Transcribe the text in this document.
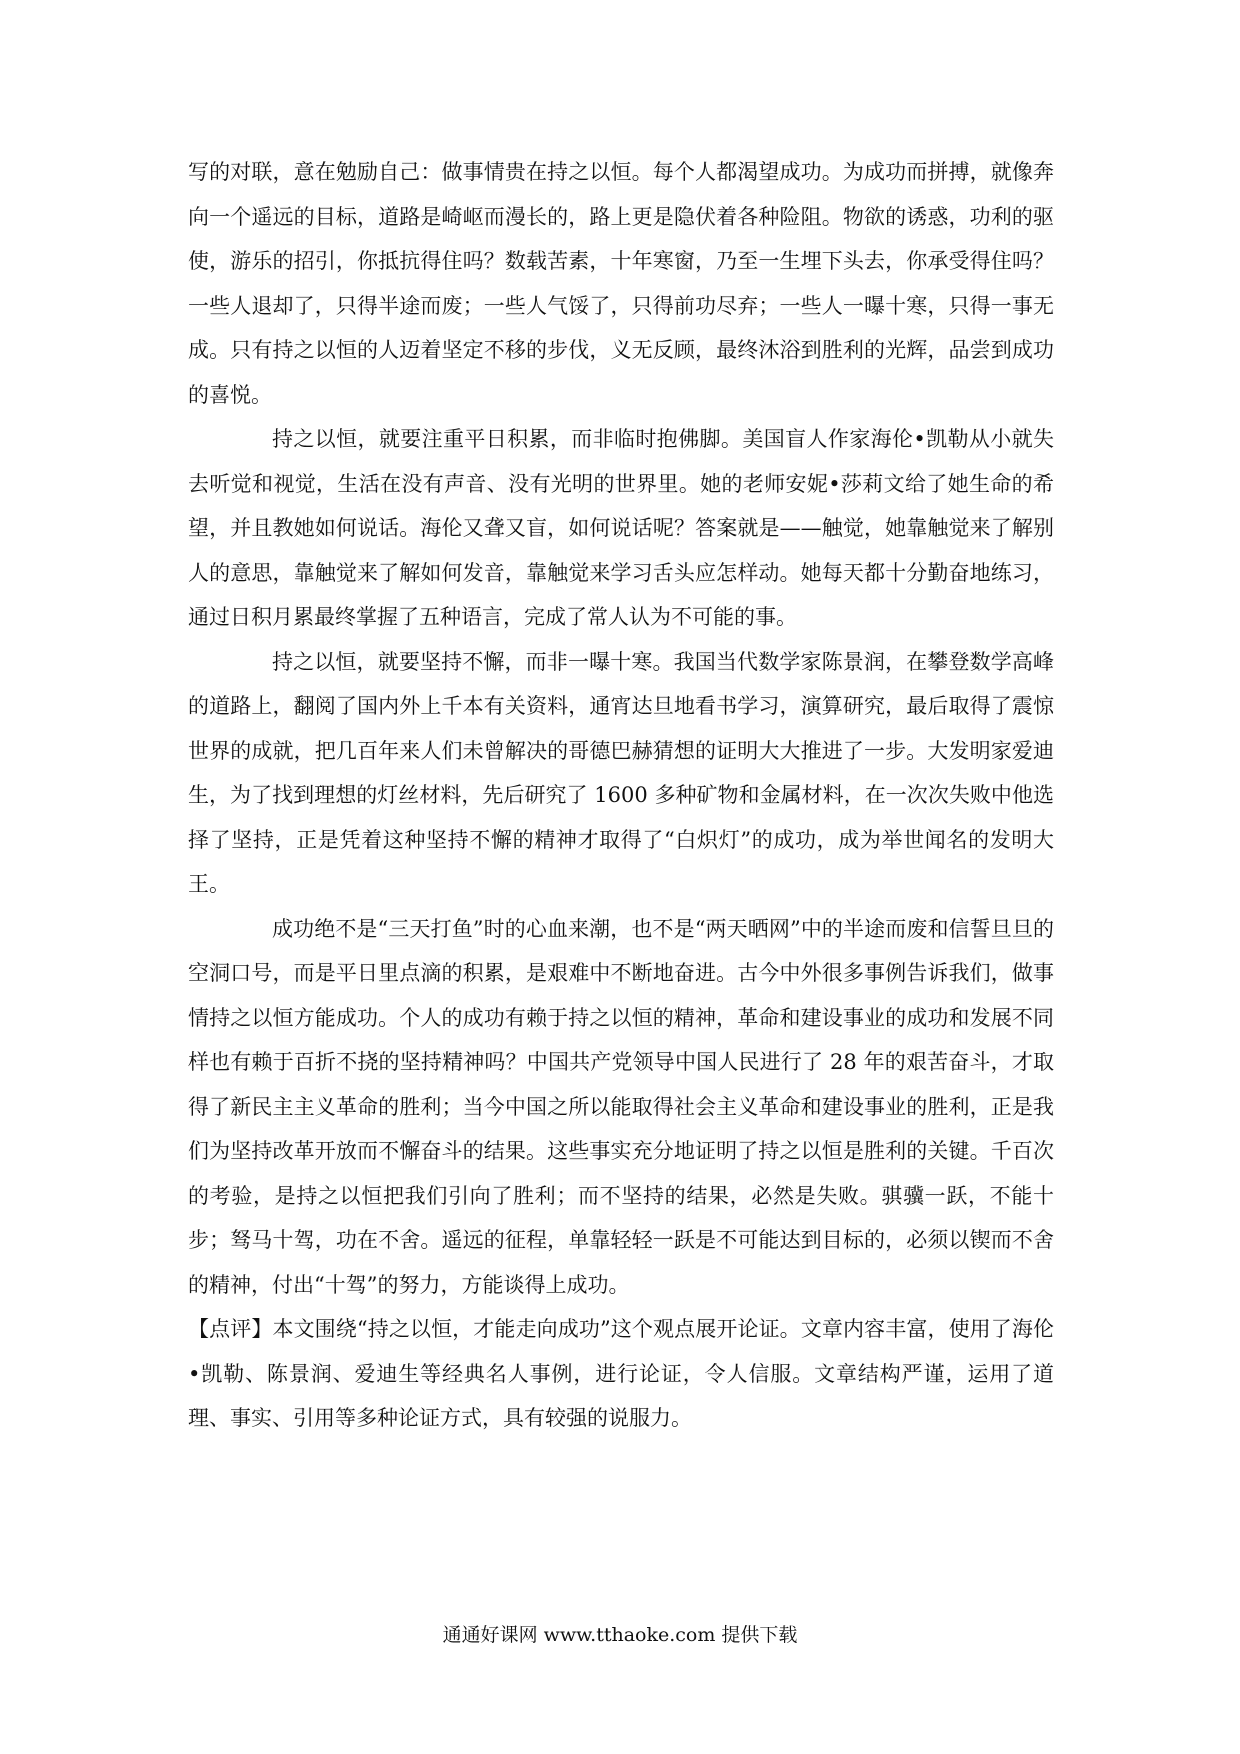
写的对联，意在勉励自己：做事情贵在持之以恒。每个人都渴望成功。为成功而拼搏，就像奔向一个遥远的目标，道路是崎岖而漫长的，路上更是隐伏着各种险阻。物欲的诱惑，功利的驱使，游乐的招引，你抵抗得住吗？数载苦素，十年寒窗，乃至一生埋下头去，你承受得住吗？一些人退却了，只得半途而废；一些人气馁了，只得前功尽弃；一些人一曝十寒，只得一事无成。只有持之以恒的人迈着坚定不移的步伐，义无反顾，最终沐浴到胜利的光辉，品尝到成功的喜悦。

持之以恒，就要注重平日积累，而非临时抱佛脚。美国盲人作家海伦•凯勒从小就失去听觉和视觉，生活在没有声音、没有光明的世界里。她的老师安妮•莎莉文给了她生命的希望，并且教她如何说话。海伦又聋又盲，如何说话呢？答案就是——触觉，她靠触觉来了解别人的意思，靠触觉来了解如何发音，靠触觉来学习舌头应怎样动。她每天都十分勤奋地练习，通过日积月累最终掌握了五种语言，完成了常人认为不可能的事。

持之以恒，就要坚持不懈，而非一曝十寒。我国当代数学家陈景润，在攀登数学高峰的道路上，翻阅了国内外上千本有关资料，通宵达旦地看书学习，演算研究，最后取得了震惊世界的成就，把几百年来人们未曾解决的哥德巴赫猜想的证明大大推进了一步。大发明家爱迪生，为了找到理想的灯丝材料，先后研究了 1600 多种矿物和金属材料，在一次次失败中他选择了坚持，正是凭着这种坚持不懈的精神才取得了“白炽灯”的成功，成为举世闻名的发明大王。

成功绝不是“三天打鱼”时的心血来潮，也不是“两天晒网”中的半途而废和信誓旦旦的空洞口号，而是平日里点滴的积累，是艰难中不断地奋进。古今中外很多事例告诉我们，做事情持之以恒方能成功。个人的成功有赖于持之以恒的精神，革命和建设事业的成功和发展不同样也有赖于百折不挠的坚持精神吗？中国共产党领导中国人民进行了 28 年的艰苦奋斗，才取得了新民主主义革命的胜利；当今中国之所以能取得社会主义革命和建设事业的胜利，正是我们为坚持改革开放而不懈奋斗的结果。这些事实充分地证明了持之以恒是胜利的关键。千百次的考验，是持之以恒把我们引向了胜利；而不坚持的结果，必然是失败。骐骥一跃，不能十步；驽马十驾，功在不舍。遥远的征程，单靠轻轻一跃是不可能达到目标的，必须以锲而不舍的精神，付出“十驾”的努力，方能谈得上成功。

【点评】本文围绕“持之以恒，才能走向成功”这个观点展开论证。文章内容丰富，使用了海伦•凯勒、陈景润、爱迪生等经典名人事例，进行论证，令人信服。文章结构严谨，运用了道理、事实、引用等多种论证方式，具有较强的说服力。

通通好课网 www.tthaoke.com 提供下载
